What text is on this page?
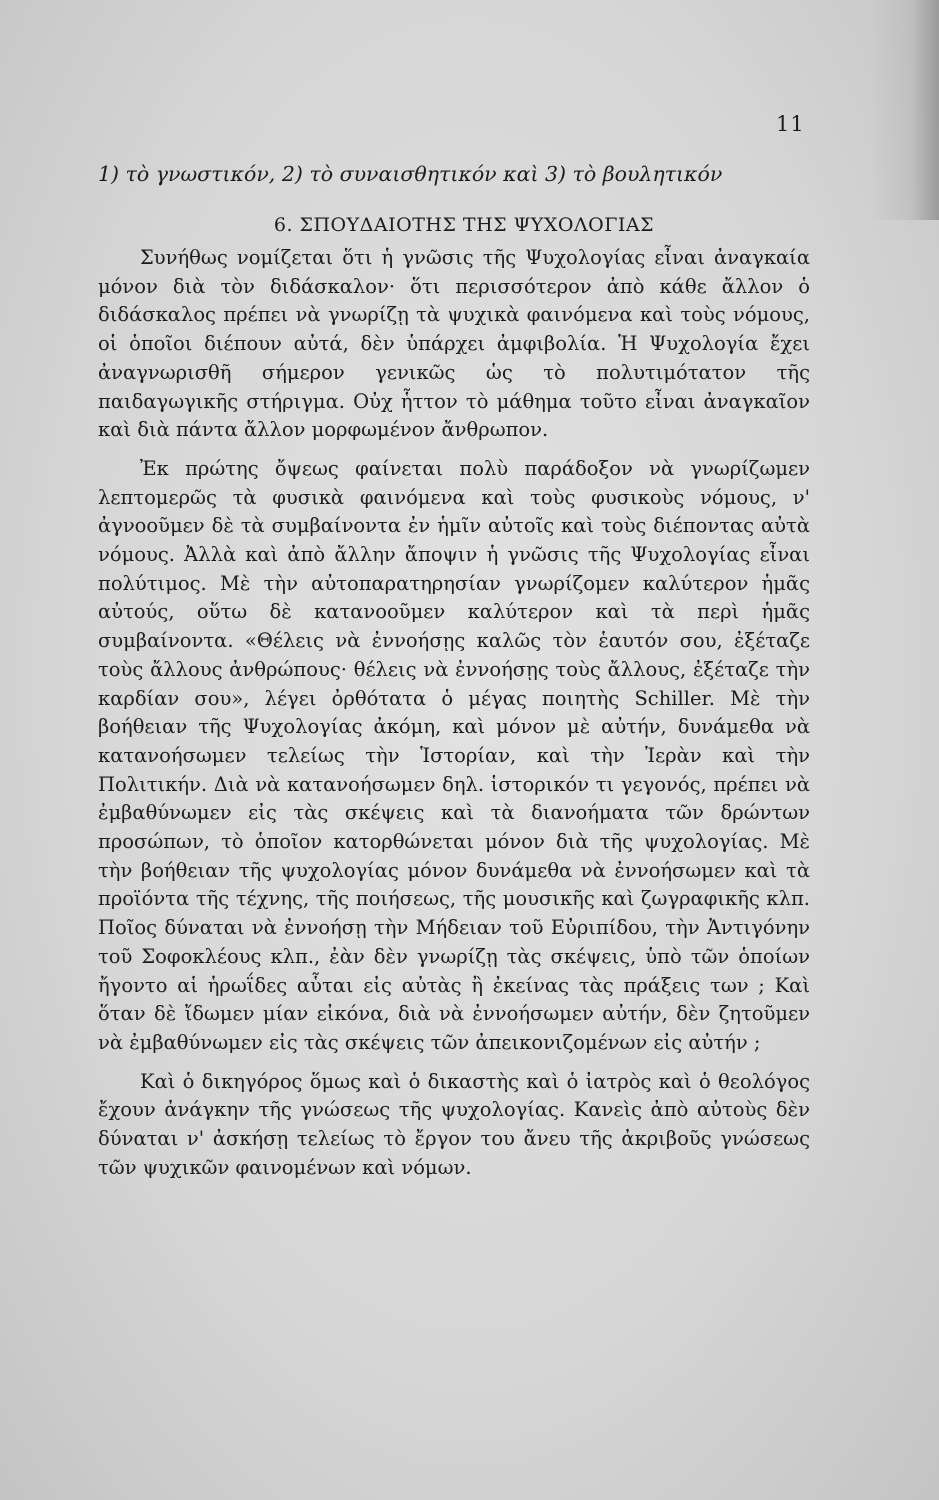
11

1) τὸ γνωστικόν, 2) τὸ συναισθητικόν καὶ 3) τὸ βουλητικόν

6. ΣΠΟΥΔΑΙΟΤΗΣ ΤΗΣ ΨΥΧΟΛΟΓΙΑΣ

Συνήθως νομίζεται ὅτι ἡ γνῶσις τῆς Ψυχολογίας εἶναι ἀναγκαία μόνον διὰ τὸν διδάσκαλον· ὅτι περισσότερον ἀπὸ κάθε ἄλλον ὁ διδάσκαλος πρέπει νὰ γνωρίζῃ τὰ ψυχικὰ φαινόμενα καὶ τοὺς νόμους, οἱ ὁποῖοι διέπουν αὐτά, δὲν ὑπάρχει ἀμφιβολία. Ἡ Ψυχολογία ἔχει ἀναγνωρισθῆ σήμερον γενικῶς ὡς τὸ πολυτιμότατον τῆς παιδαγωγικῆς στήριγμα. Οὐχ ἧττον τὸ μάθημα τοῦτο εἶναι ἀναγκαῖον καὶ διὰ πάντα ἄλλον μορφωμένον ἄνθρωπον.

Ἐκ πρώτης ὄψεως φαίνεται πολὺ παράδοξον νὰ γνωρίζωμεν λεπτομερῶς τὰ φυσικὰ φαινόμενα καὶ τοὺς φυσικοὺς νόμους, ν' ἀγνοοῦμεν δὲ τὰ συμβαίνοντα ἐν ἡμῖν αὐτοῖς καὶ τοὺς διέποντας αὐτὰ νόμους. Ἀλλὰ καὶ ἀπὸ ἄλλην ἄποψιν ἡ γνῶσις τῆς Ψυχολογίας εἶναι πολύτιμος. Μὲ τὴν αὐτοπαρατηρησίαν γνωρίζομεν καλύτερον ἡμᾶς αὐτούς, οὕτω δὲ κατανοοῦμεν καλύτερον καὶ τὰ περὶ ἡμᾶς συμβαίνοντα. «Θέλεις νὰ ἐννοήσῃς καλῶς τὸν ἑαυτόν σου, ἐξέταζε τοὺς ἄλλους ἀνθρώπους· θέλεις νὰ ἐννοήσῃς τοὺς ἄλλους, ἐξέταζε τὴν καρδίαν σου», λέγει ὀρθότατα ὁ μέγας ποιητὴς Schiller. Μὲ τὴν βοήθειαν τῆς Ψυχολογίας ἀκόμη, καὶ μόνον μὲ αὐτήν, δυνάμεθα νὰ κατανοήσωμεν τελείως τὴν Ἱστορίαν, καὶ τὴν Ἱερὰν καὶ τὴν Πολιτικήν. Διὰ νὰ κατανοήσωμεν δηλ. ἱστορικόν τι γεγονός, πρέπει νὰ ἐμβαθύνωμεν εἰς τὰς σκέψεις καὶ τὰ διανοήματα τῶν δρώντων προσώπων, τὸ ὁποῖον κατορθώνεται μόνον διὰ τῆς ψυχολογίας. Μὲ τὴν βοήθειαν τῆς ψυχολογίας μόνον δυνάμεθα νὰ ἐννοήσωμεν καὶ τὰ προϊόντα τῆς τέχνης, τῆς ποιήσεως, τῆς μουσικῆς καὶ ζωγραφικῆς κλπ. Ποῖος δύναται νὰ ἐννοήσῃ τὴν Μήδειαν τοῦ Εὐριπίδου, τὴν Ἀντιγόνην τοῦ Σοφοκλέους κλπ., ἐὰν δὲν γνωρίζῃ τὰς σκέψεις, ὑπὸ τῶν ὁποίων ἤγοντο αἱ ἡρωΐδες αὗται εἰς αὐτὰς ἢ ἐκείνας τὰς πράξεις των ; Καὶ ὅταν δὲ ἴδωμεν μίαν εἰκόνα, διὰ νὰ ἐννοήσωμεν αὐτήν, δὲν ζητοῦμεν νὰ ἐμβαθύνωμεν εἰς τὰς σκέψεις τῶν ἀπεικονιζομένων εἰς αὐτήν ;

Καὶ ὁ δικηγόρος ὅμως καὶ ὁ δικαστὴς καὶ ὁ ἰατρὸς καὶ ὁ θεολόγος ἔχουν ἀνάγκην τῆς γνώσεως τῆς ψυχολογίας. Κανεὶς ἀπὸ αὐτοὺς δὲν δύναται ν' ἀσκήσῃ τελείως τὸ ἔργον του ἄνευ τῆς ἀκριβοῦς γνώσεως τῶν ψυχικῶν φαινομένων καὶ νόμων.
